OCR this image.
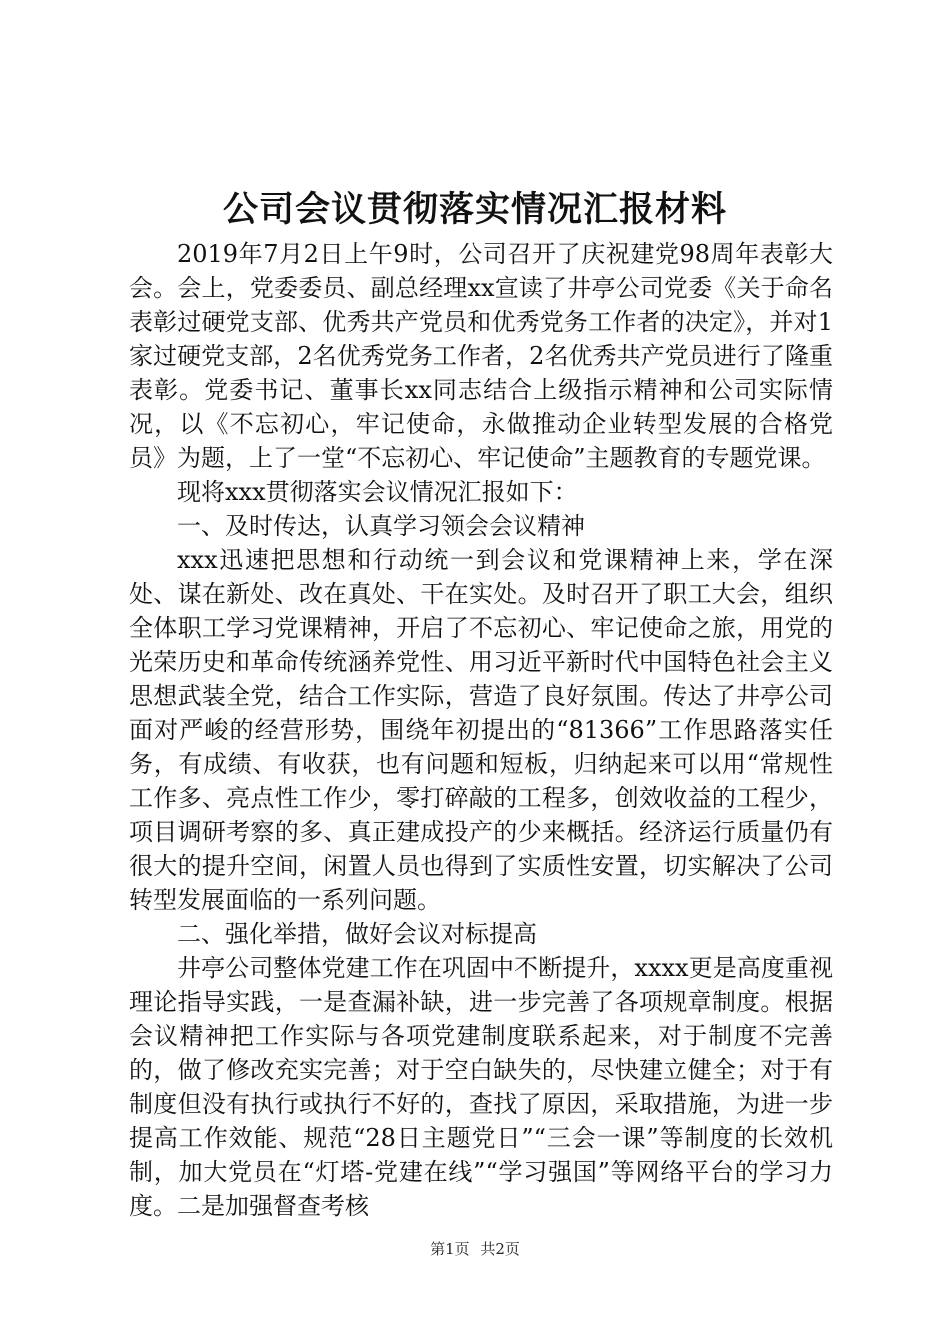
公司会议贯彻落实情况汇报材料

2019年7月2日上午9时，公司召开了庆祝建党98周年表彰大会。会上，党委委员、副总经理xx宣读了井亭公司党委《关于命名表彰过硬党支部、优秀共产党员和优秀党务工作者的决定》，并对1家过硬党支部，2名优秀党务工作者，2名优秀共产党员进行了隆重表彰。党委书记、董事长xx同志结合上级指示精神和公司实际情况，以《不忘初心，牢记使命，永做推动企业转型发展的合格党员》为题，上了一堂“不忘初心、牢记使命”主题教育的专题党课。

现将xxx贯彻落实会议情况汇报如下：

一、及时传达，认真学习领会会议精神

xxx迅速把思想和行动统一到会议和党课精神上来，学在深处、谋在新处、改在真处、干在实处。及时召开了职工大会，组织全体职工学习党课精神，开启了不忘初心、牢记使命之旅，用党的光荣历史和革命传统涵养党性、用习近平新时代中国特色社会主义思想武装全党，结合工作实际，营造了良好氛围。传达了井亭公司面对严峻的经营形势，围绕年初提出的“81366”工作思路落实任务，有成绩、有收获，也有问题和短板，归纳起来可以用“常规性工作多、亮点性工作少，零打碎敲的工程多，创效收益的工程少，项目调研考察的多、真正建成投产的少来概括。经济运行质量仍有很大的提升空间，闲置人员也得到了实质性安置，切实解决了公司转型发展面临的一系列问题。

二、强化举措，做好会议对标提高

井亭公司整体党建工作在巩固中不断提升，xxxx更是高度重视理论指导实践，一是查漏补缺，进一步完善了各项规章制度。根据会议精神把工作实际与各项党建制度联系起来，对于制度不完善的，做了修改充实完善；对于空白缺失的，尽快建立健全；对于有制度但没有执行或执行不好的，查找了原因，采取措施，为进一步提高工作效能、规范“28日主题党日”“三会一课”等制度的长效机制，加大党员在“灯塔-党建在线”“学习强国”等网络平台的学习力度。二是加强督查考核

第1页 共2页
